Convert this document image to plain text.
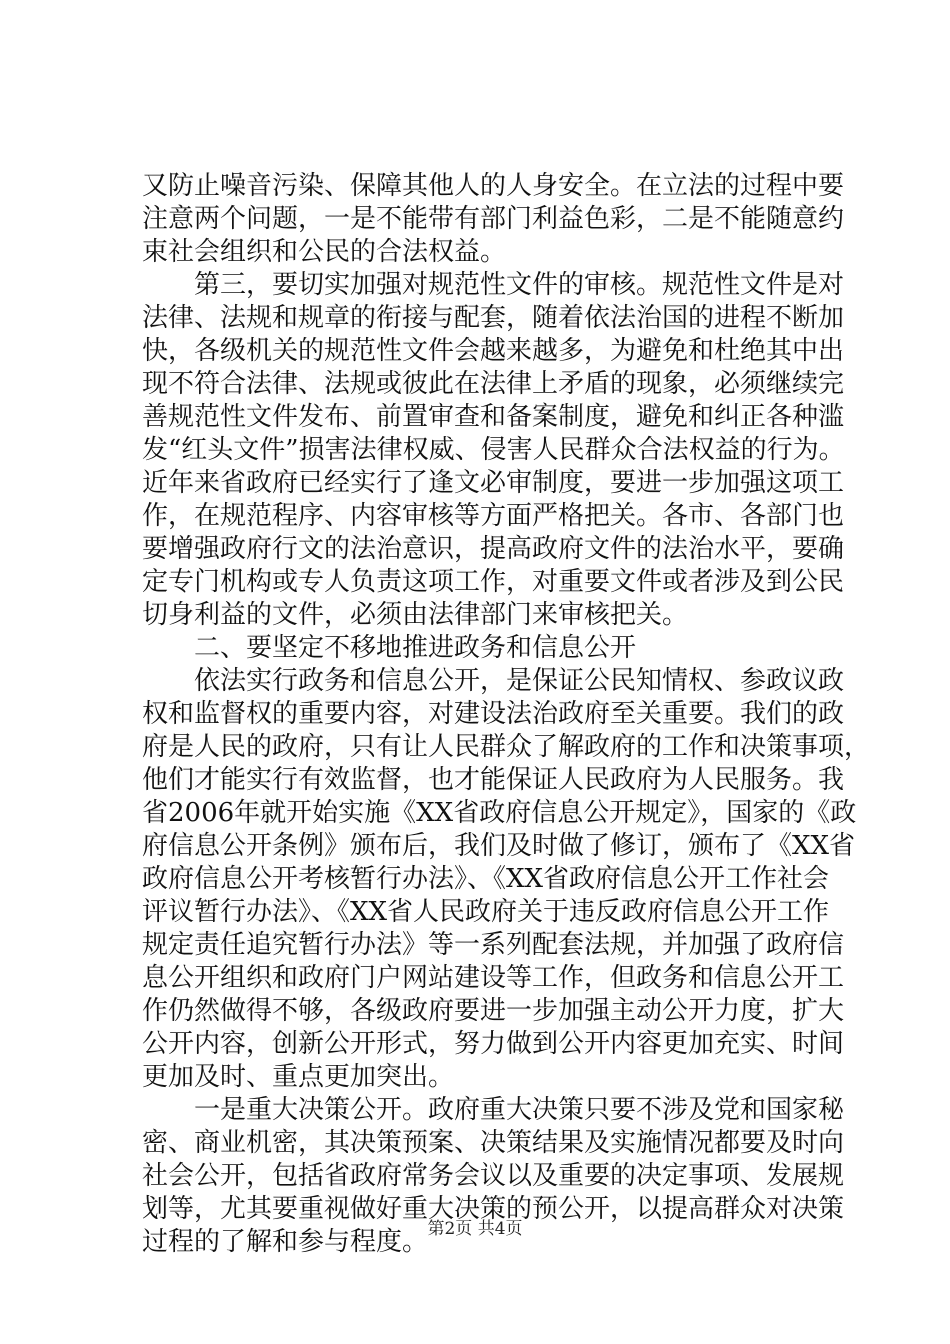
又防止噪音污染、保障其他人的人身安全。在立法的过程中要
注意两个问题，一是不能带有部门利益色彩，二是不能随意约
束社会组织和公民的合法权益。
第三，要切实加强对规范性文件的审核。规范性文件是对
法律、法规和规章的衔接与配套，随着依法治国的进程不断加
快，各级机关的规范性文件会越来越多，为避免和杜绝其中出
现不符合法律、法规或彼此在法律上矛盾的现象，必须继续完
善规范性文件发布、前置审查和备案制度，避免和纠正各种滥
发“红头文件”损害法律权威、侵害人民群众合法权益的行为。
近年来省政府已经实行了逢文必审制度，要进一步加强这项工
作，在规范程序、内容审核等方面严格把关。各市、各部门也
要增强政府行文的法治意识，提高政府文件的法治水平，要确
定专门机构或专人负责这项工作，对重要文件或者涉及到公民
切身利益的文件，必须由法律部门来审核把关。
二、要坚定不移地推进政务和信息公开
依法实行政务和信息公开，是保证公民知情权、参政议政
权和监督权的重要内容，对建设法治政府至关重要。我们的政
府是人民的政府，只有让人民群众了解政府的工作和决策事项，
他们才能实行有效监督，也才能保证人民政府为人民服务。我
省2006年就开始实施《XX省政府信息公开规定》，国家的《政
府信息公开条例》颁布后，我们及时做了修订，颁布了《XX省
政府信息公开考核暂行办法》、《XX省政府信息公开工作社会
评议暂行办法》、《XX省人民政府关于违反政府信息公开工作
规定责任追究暂行办法》等一系列配套法规，并加强了政府信
息公开组织和政府门户网站建设等工作，但政务和信息公开工
作仍然做得不够，各级政府要进一步加强主动公开力度，扩大
公开内容，创新公开形式，努力做到公开内容更加充实、时间
更加及时、重点更加突出。
一是重大决策公开。政府重大决策只要不涉及党和国家秘
密、商业机密，其决策预案、决策结果及实施情况都要及时向
社会公开，包括省政府常务会议以及重要的决定事项、发展规
划等，尤其要重视做好重大决策的预公开，以提高群众对决策
过程的了解和参与程度。 第2页 共4页
